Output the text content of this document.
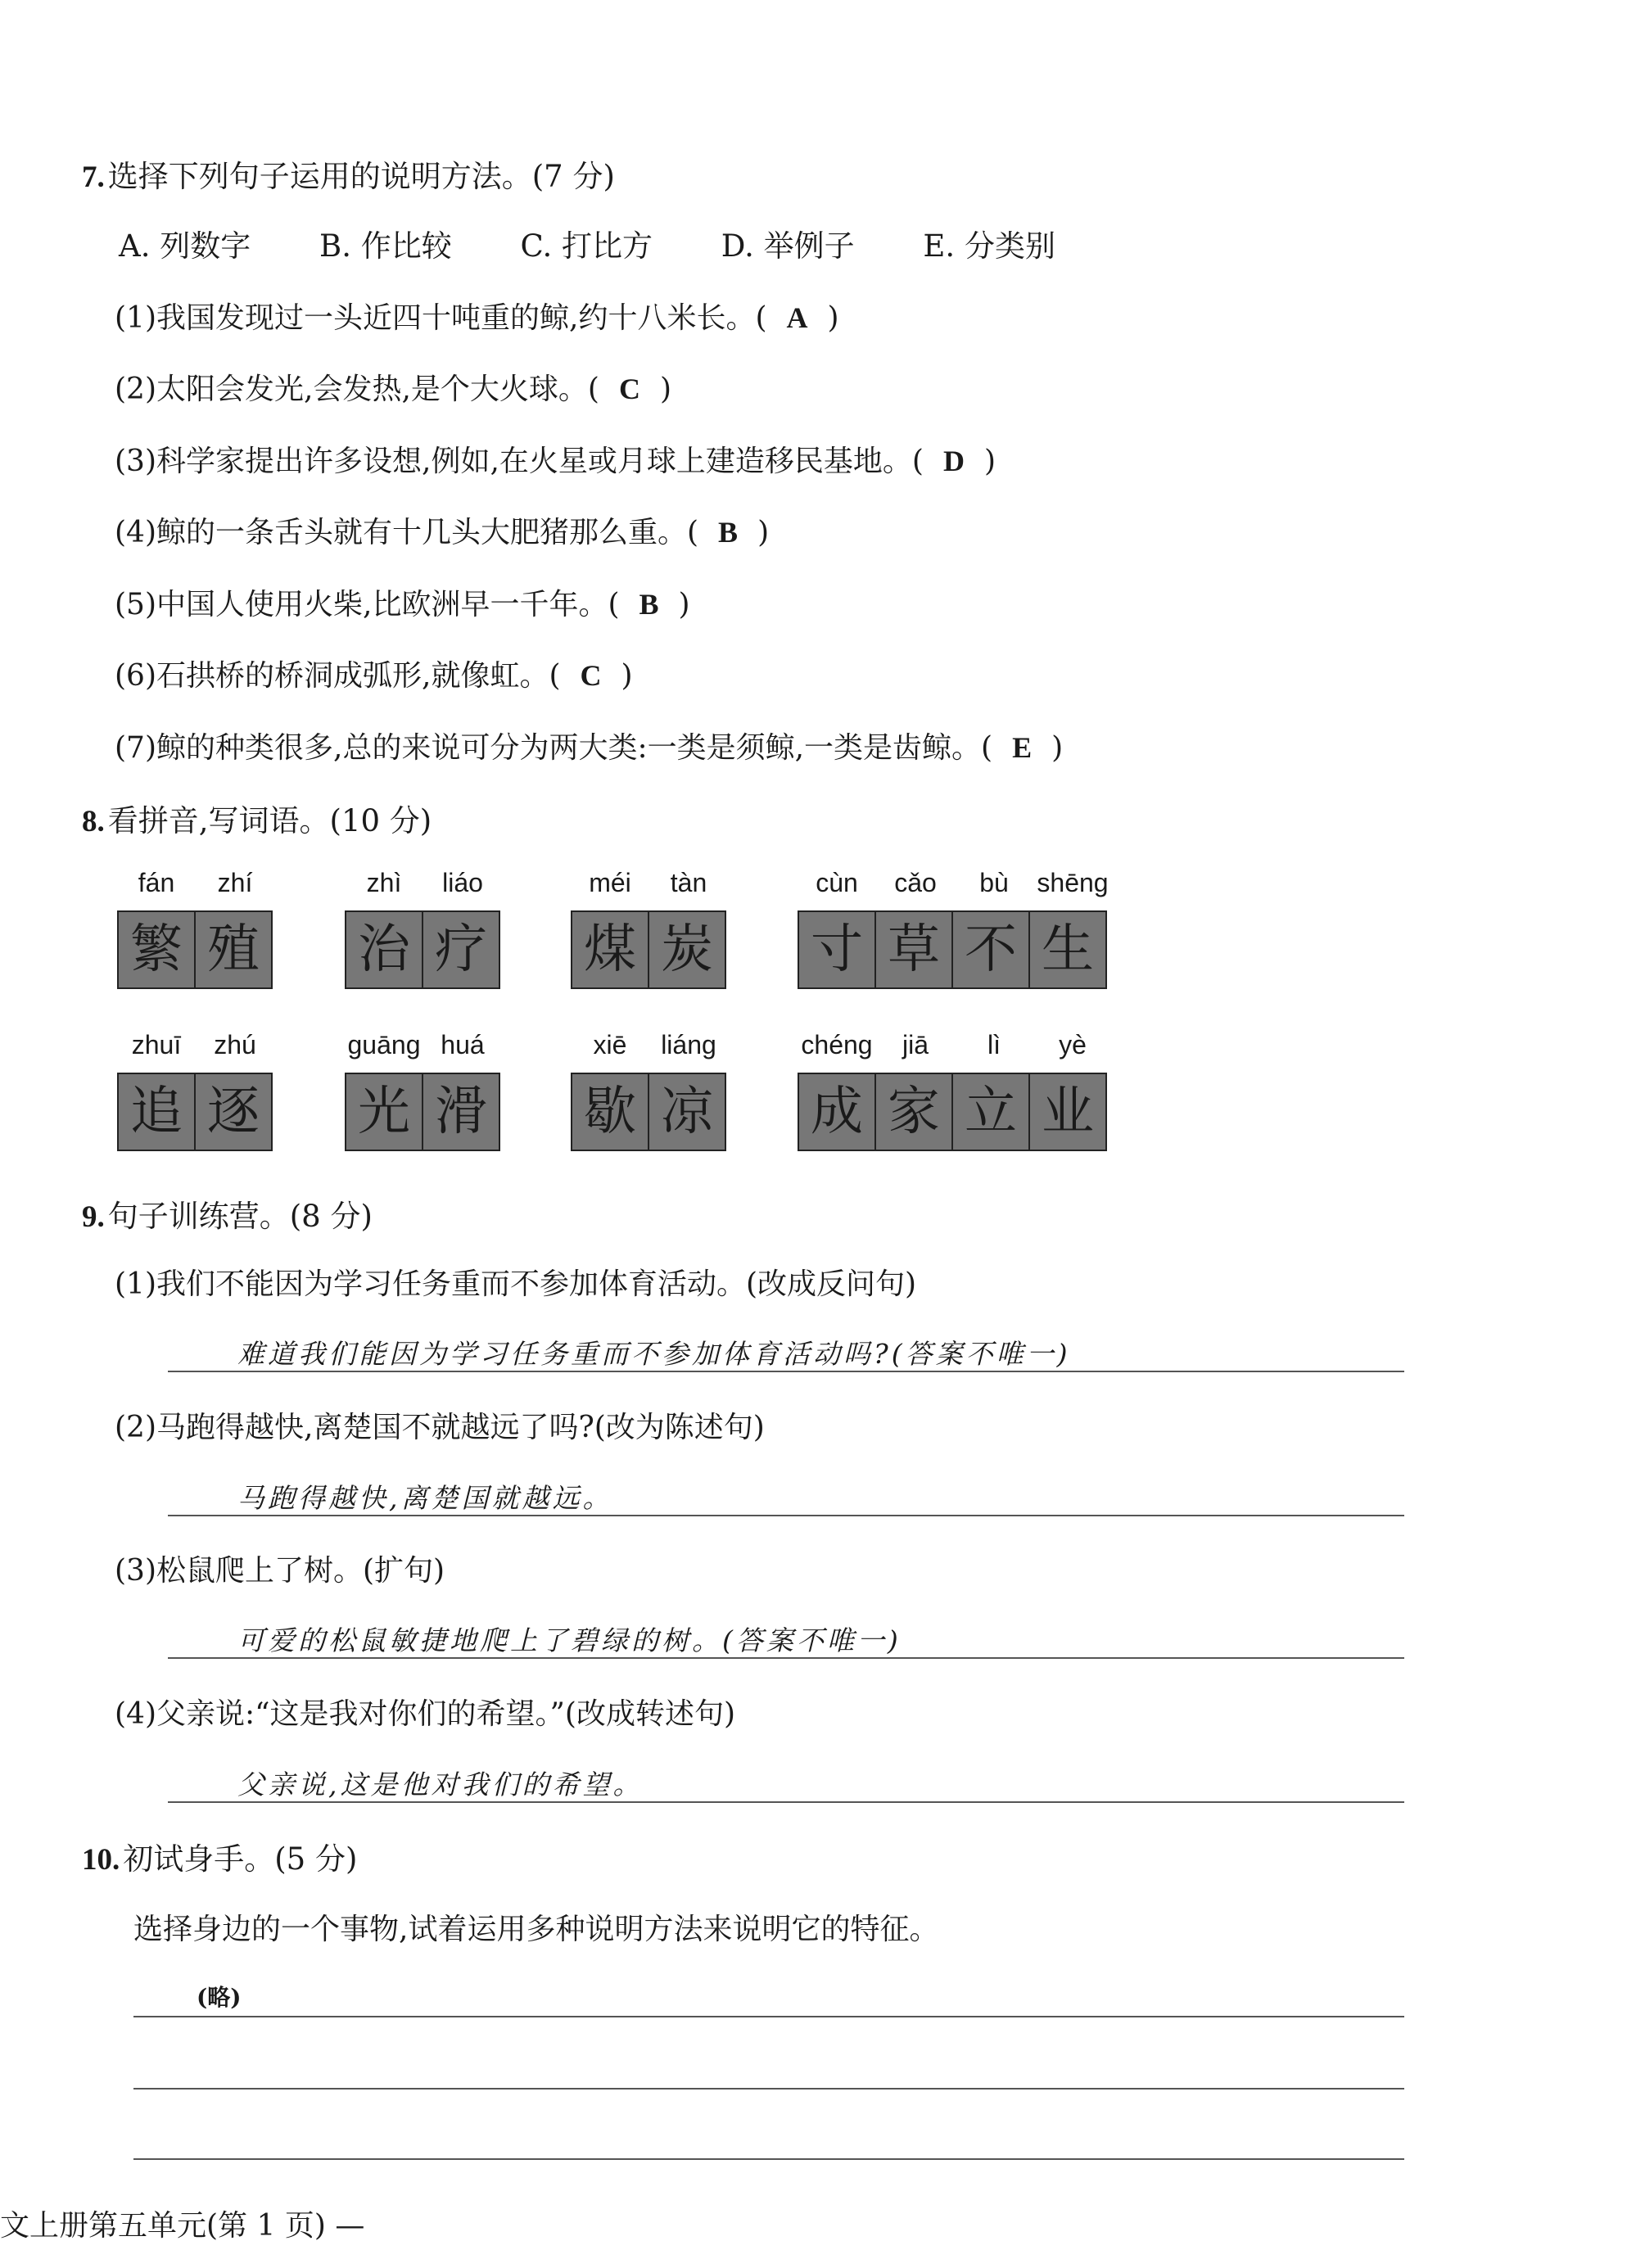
7. 选择下列句子运用的说明方法。(7 分)
A. 列数字 B. 作比较 C. 打比方 D. 举例子 E. 分类别
(1)我国发现过一头近四十吨重的鲸,约十八米长。( A )
(2)太阳会发光,会发热,是个大火球。( C )
(3)科学家提出许多设想,例如,在火星或月球上建造移民基地。( D )
(4)鲸的一条舌头就有十几头大肥猪那么重。( B )
(5)中国人使用火柴,比欧洲早一千年。( B )
(6)石拱桥的桥洞成弧形,就像虹。( C )
(7)鲸的种类很多,总的来说可分为两大类:一类是须鲸,一类是齿鲸。( E )
8. 看拼音,写词语。(10 分)
fán	zhí	zhì	liáo	méi	tàn	cùn	cǎo	bù	shēng
繁 殖 治 疗 煤 炭 寸 草 不 生
zhuī	zhú	guāng huá	xiē	liáng	chéng	jiā	lì	yè
追 逐 光 滑 歇 凉 成 家 立 业
9. 句子训练营。(8 分)
(1)我们不能因为学习任务重而不参加体育活动。(改成反问句)
难道我们能因为学习任务重而不参加体育活动吗?(答案不唯一)
(2)马跑得越快,离楚国不就越远了吗?(改为陈述句)
马跑得越快,离楚国就越远。
(3)松鼠爬上了树。(扩句)
可爱的松鼠敏捷地爬上了碧绿的树。(答案不唯一)
(4)父亲说:“这是我对你们的希望。”(改成转述句)
父亲说,这是他对我们的希望。
10. 初试身手。(5 分)
选择身边的一个事物,试着运用多种说明方法来说明它的特征。
(略)
文上册第五单元(第 1 页) —
